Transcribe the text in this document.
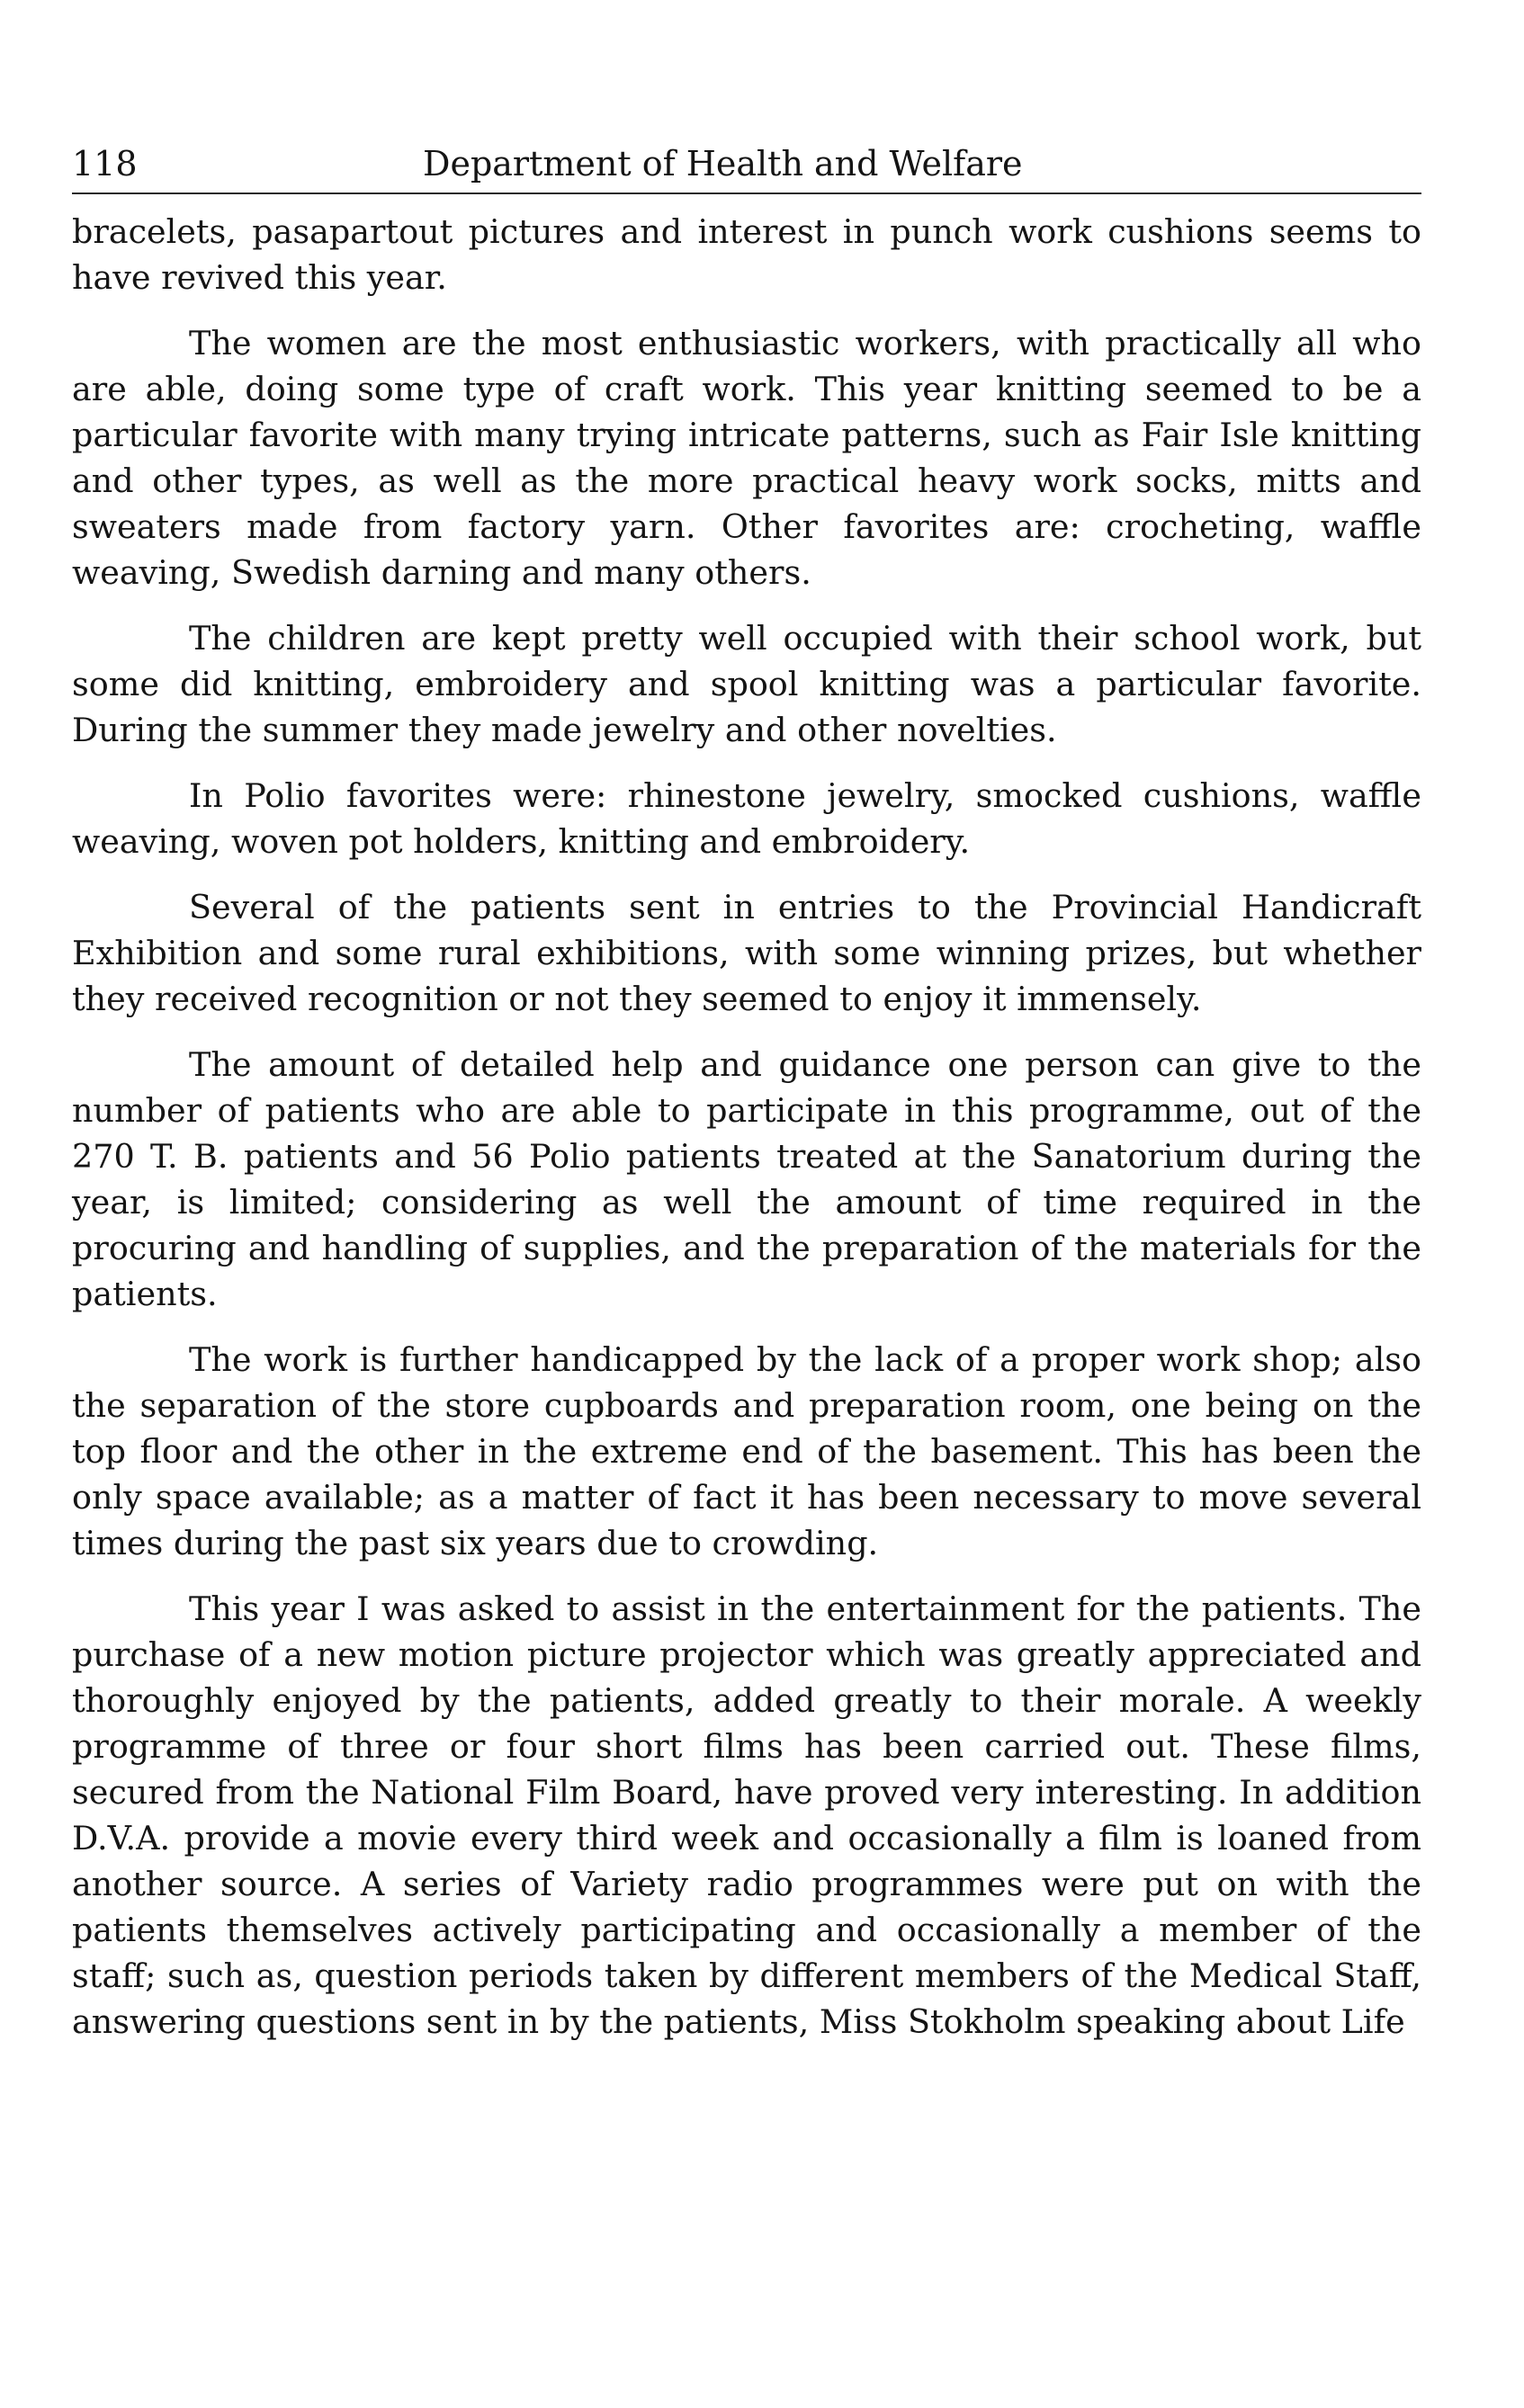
118	Department of Health and Welfare

bracelets, pasapartout pictures and interest in punch work cushions seems to have revived this year.

The women are the most enthusiastic workers, with practically all who are able, doing some type of craft work. This year knitting seemed to be a particular favorite with many trying intricate patterns, such as Fair Isle knitting and other types, as well as the more practical heavy work socks, mitts and sweaters made from factory yarn. Other favorites are: crocheting, waffle weaving, Swedish darning and many others.

The children are kept pretty well occupied with their school work, but some did knitting, embroidery and spool knitting was a particular favorite. During the summer they made jewelry and other novelties.

In Polio favorites were: rhinestone jewelry, smocked cushions, waffle weaving, woven pot holders, knitting and embroidery.

Several of the patients sent in entries to the Provincial Handicraft Exhibition and some rural exhibitions, with some winning prizes, but whether they received recognition or not they seemed to enjoy it immensely.

The amount of detailed help and guidance one person can give to the number of patients who are able to participate in this programme, out of the 270 T. B. patients and 56 Polio patients treated at the Sanatorium during the year, is limited; considering as well the amount of time required in the procuring and handling of supplies, and the preparation of the materials for the patients.

The work is further handicapped by the lack of a proper work shop; also the separation of the store cupboards and preparation room, one being on the top floor and the other in the extreme end of the basement. This has been the only space available; as a matter of fact it has been necessary to move several times during the past six years due to crowding.

This year I was asked to assist in the entertainment for the patients. The purchase of a new motion picture projector which was greatly appreciated and thoroughly enjoyed by the patients, added greatly to their morale. A weekly programme of three or four short films has been carried out. These films, secured from the National Film Board, have proved very interesting. In addition D.V.A. provide a movie every third week and occasionally a film is loaned from another source. A series of Variety radio programmes were put on with the patients themselves actively participating and occasionally a member of the staff; such as, question periods taken by different members of the Medical Staff, answering questions sent in by the patients, Miss Stokholm speaking about Life
